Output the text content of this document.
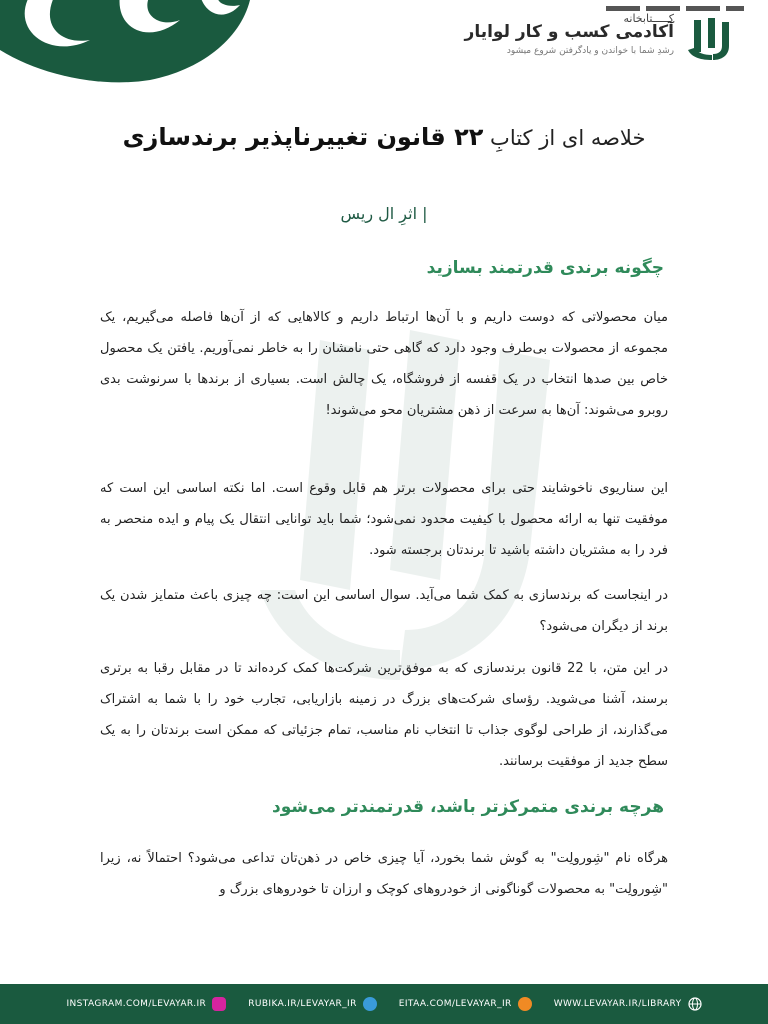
کـــــتابخانه
آکادمی کسب و کار لوایار
رشدِ شما با خواندن و یادگرفتن شروع میشود
خلاصه ای از کتابِ ۲۲ قانون تغییرناپذیر برندسازی
| اثرِ ال ریس
چگونه برندی قدرتمند بسازید

میان محصولاتی که دوست داریم و با آن‌ها ارتباط داریم و کالاهایی که از آن‌ها فاصله می‌گیریم، یک مجموعه از محصولات بی‌طرف وجود دارد که گاهی حتی نامشان را به خاطر نمی‌آوریم. یافتن یک محصول خاص بین صدها انتخاب در یک قفسه از فروشگاه، یک چالش است. بسیاری از برندها با سرنوشت بدی روبرو می‌شوند: آن‌ها به سرعت از ذهن مشتریان محو می‌شوند!

این سناریوی ناخوشایند حتی برای محصولات برتر هم قابل وقوع است. اما نکته اساسی این است که موفقیت تنها به ارائه محصول با کیفیت محدود نمی‌شود؛ شما باید توانایی انتقال یک پیام و ایده منحصر به فرد را به مشتریان داشته باشید تا برندتان برجسته شود.

در اینجاست که برندسازی به کمک شما می‌آید. سوال اساسی این است: چه چیزی باعث متمایز شدن یک برند از دیگران می‌شود؟

در این متن، با 22 قانون برندسازی که به موفق‌ترین شرکت‌ها کمک کرده‌اند تا در مقابل رقبا به برتری برسند، آشنا می‌شوید. رؤسای شرکت‌های بزرگ در زمینه بازاریابی، تجارب خود را با شما به اشتراک می‌گذارند، از طراحی لوگوی جذاب تا انتخاب نام مناسب، تمام جزئیاتی که ممکن است برندتان را به یک سطح جدید از موفقیت برسانند.

هرچه برندی متمرکزتر باشد، قدرتمندتر می‌شود

هرگاه نام "شِورولِت" به گوش شما بخورد، آیا چیزی خاص در ذهن‌تان تداعی می‌شود؟ احتمالاً نه، زیرا "شِورولِت" به محصولات گوناگونی از خودروهای کوچک و ارزان تا خودروهای بزرگ و

INSTAGRAM.COM/LEVAYAR.IR	RUBIKA.IR/LEVAYAR_IR	EITAA.COM/LEVAYAR_IR	WWW.LEVAYAR.IR/LIBRARY
